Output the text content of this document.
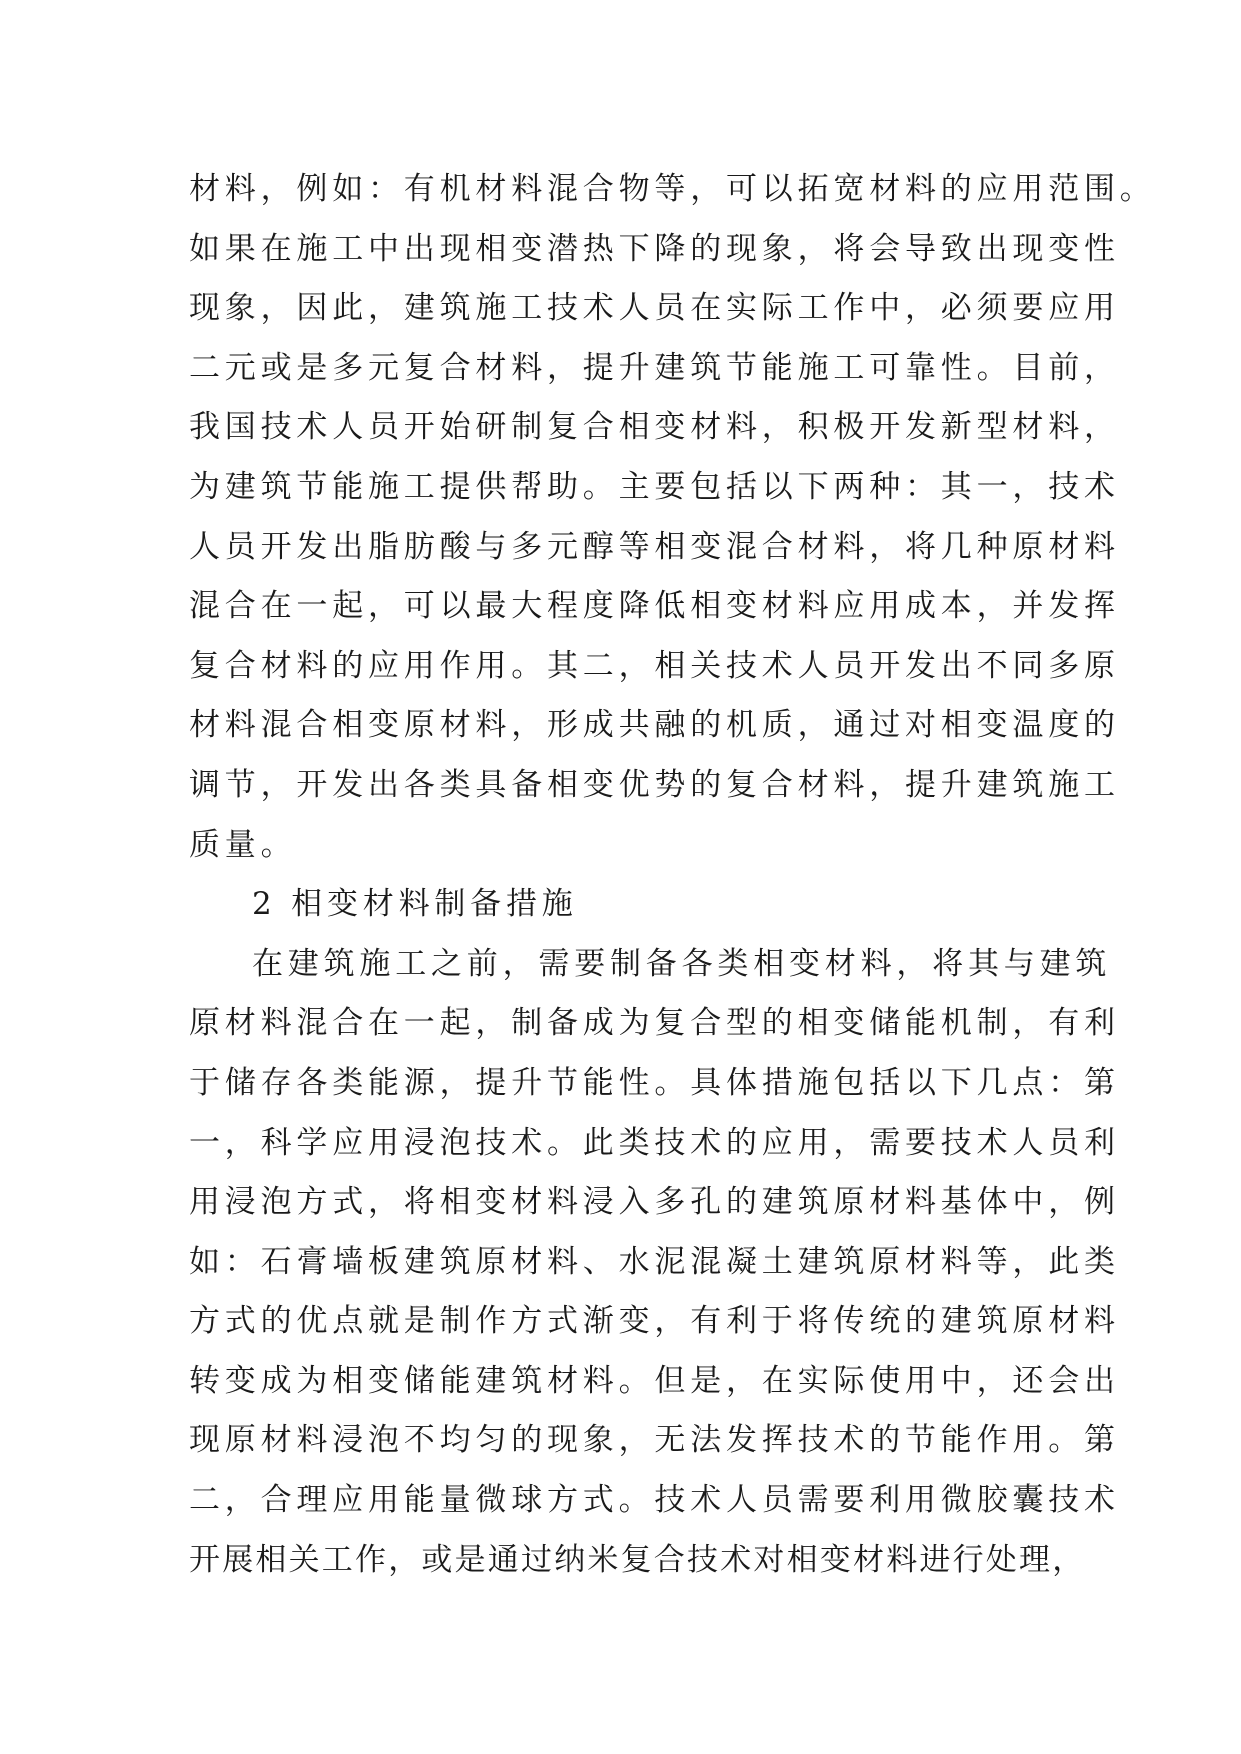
材料，例如：有机材料混合物等，可以拓宽材料的应用范围。
如果在施工中出现相变潜热下降的现象，将会导致出现变性
现象，因此，建筑施工技术人员在实际工作中，必须要应用
二元或是多元复合材料，提升建筑节能施工可靠性。目前，
我国技术人员开始研制复合相变材料，积极开发新型材料，
为建筑节能施工提供帮助。主要包括以下两种：其一，技术
人员开发出脂肪酸与多元醇等相变混合材料，将几种原材料
混合在一起，可以最大程度降低相变材料应用成本，并发挥
复合材料的应用作用。其二，相关技术人员开发出不同多原
材料混合相变原材料，形成共融的机质，通过对相变温度的
调节，开发出各类具备相变优势的复合材料，提升建筑施工
质量。
2 相变材料制备措施
在建筑施工之前，需要制备各类相变材料，将其与建筑
原材料混合在一起，制备成为复合型的相变储能机制，有利
于储存各类能源，提升节能性。具体措施包括以下几点：第
一，科学应用浸泡技术。此类技术的应用，需要技术人员利
用浸泡方式，将相变材料浸入多孔的建筑原材料基体中，例
如：石膏墙板建筑原材料、水泥混凝土建筑原材料等，此类
方式的优点就是制作方式渐变，有利于将传统的建筑原材料
转变成为相变储能建筑材料。但是，在实际使用中，还会出
现原材料浸泡不均匀的现象，无法发挥技术的节能作用。第
二，合理应用能量微球方式。技术人员需要利用微胶囊技术
开展相关工作，或是通过纳米复合技术对相变材料进行处理，
